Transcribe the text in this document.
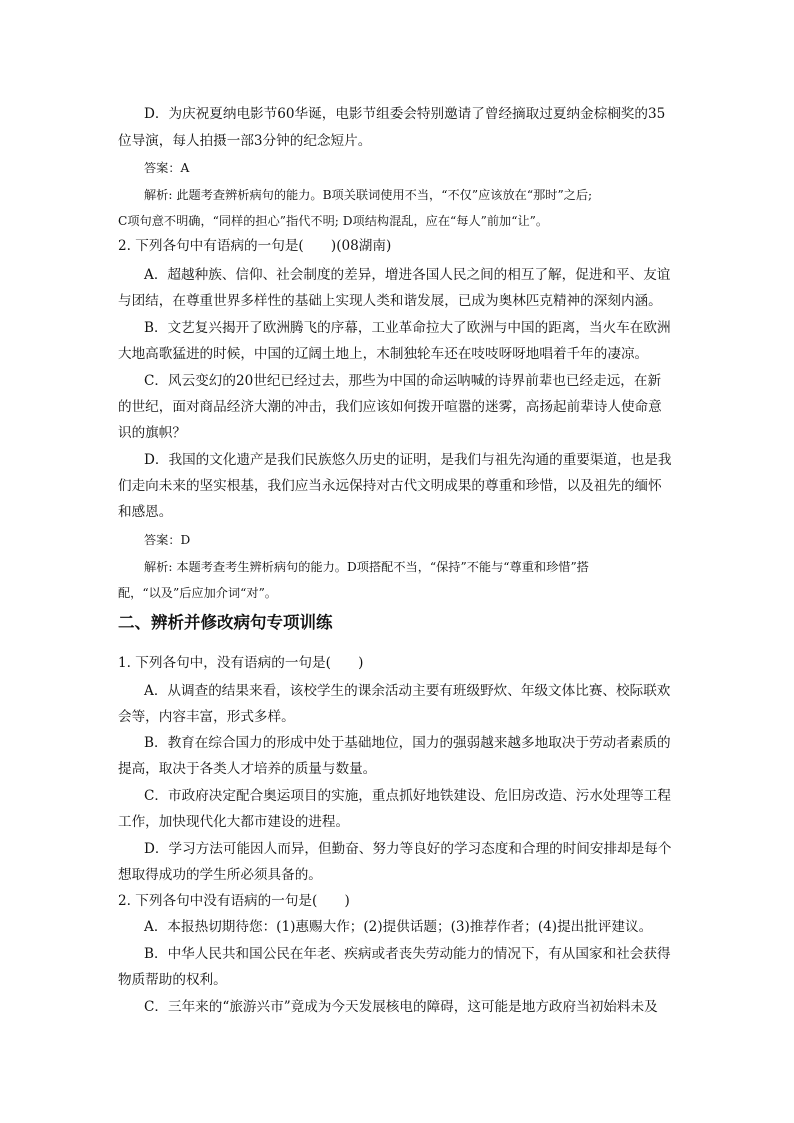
D．为庆祝夏纳电影节60华诞，电影节组委会特别邀请了曾经摘取过夏纳金棕榈奖的35
位导演，每人拍摄一部3分钟的纪念短片。
答案：A
解析: 此题考查辨析病句的能力。B项关联词使用不当，“不仅”应该放在“那时”之后;
C项句意不明确，“同样的担心”指代不明; D项结构混乱，应在“每人”前加“让”。
2. 下列各句中有语病的一句是(　　)(08湖南)
A．超越种族、信仰、社会制度的差异，增进各国人民之间的相互了解，促进和平、友谊
与团结，在尊重世界多样性的基础上实现人类和谐发展，已成为奥林匹克精神的深刻内涵。
B．文艺复兴揭开了欧洲腾飞的序幕，工业革命拉大了欧洲与中国的距离，当火车在欧洲
大地高歌猛进的时候，中国的辽阔土地上，木制独轮车还在吱吱呀呀地唱着千年的凄凉。
C．风云变幻的20世纪已经过去，那些为中国的命运呐喊的诗界前辈也已经走远，在新
的世纪，面对商品经济大潮的冲击，我们应该如何拨开喧嚣的迷雾，高扬起前辈诗人使命意
识的旗帜？
D．我国的文化遗产是我们民族悠久历史的证明，是我们与祖先沟通的重要渠道，也是我
们走向未来的坚实根基，我们应当永远保持对古代文明成果的尊重和珍惜，以及祖先的缅怀
和感恩。
答案：D
解析: 本题考查考生辨析病句的能力。D项搭配不当，“保持”不能与“尊重和珍惜”搭
配，“以及”后应加介词“对”。
二、辨析并修改病句专项训练
1. 下列各句中，没有语病的一句是(　　)
A．从调查的结果来看，该校学生的课余活动主要有班级野炊、年级文体比赛、校际联欢
会等，内容丰富，形式多样。
B．教育在综合国力的形成中处于基础地位，国力的强弱越来越多地取决于劳动者素质的
提高，取决于各类人才培养的质量与数量。
C．市政府决定配合奥运项目的实施，重点抓好地铁建设、危旧房改造、污水处理等工程
工作，加快现代化大都市建设的进程。
D．学习方法可能因人而异，但勤奋、努力等良好的学习态度和合理的时间安排却是每个
想取得成功的学生所必须具备的。
2. 下列各句中没有语病的一句是(　　)
A．本报热切期待您：(1)惠赐大作；(2)提供话题；(3)推荐作者；(4)提出批评建议。
B．中华人民共和国公民在年老、疾病或者丧失劳动能力的情况下，有从国家和社会获得
物质帮助的权利。
C．三年来的“旅游兴市”竟成为今天发展核电的障碍，这可能是地方政府当初始料未及
